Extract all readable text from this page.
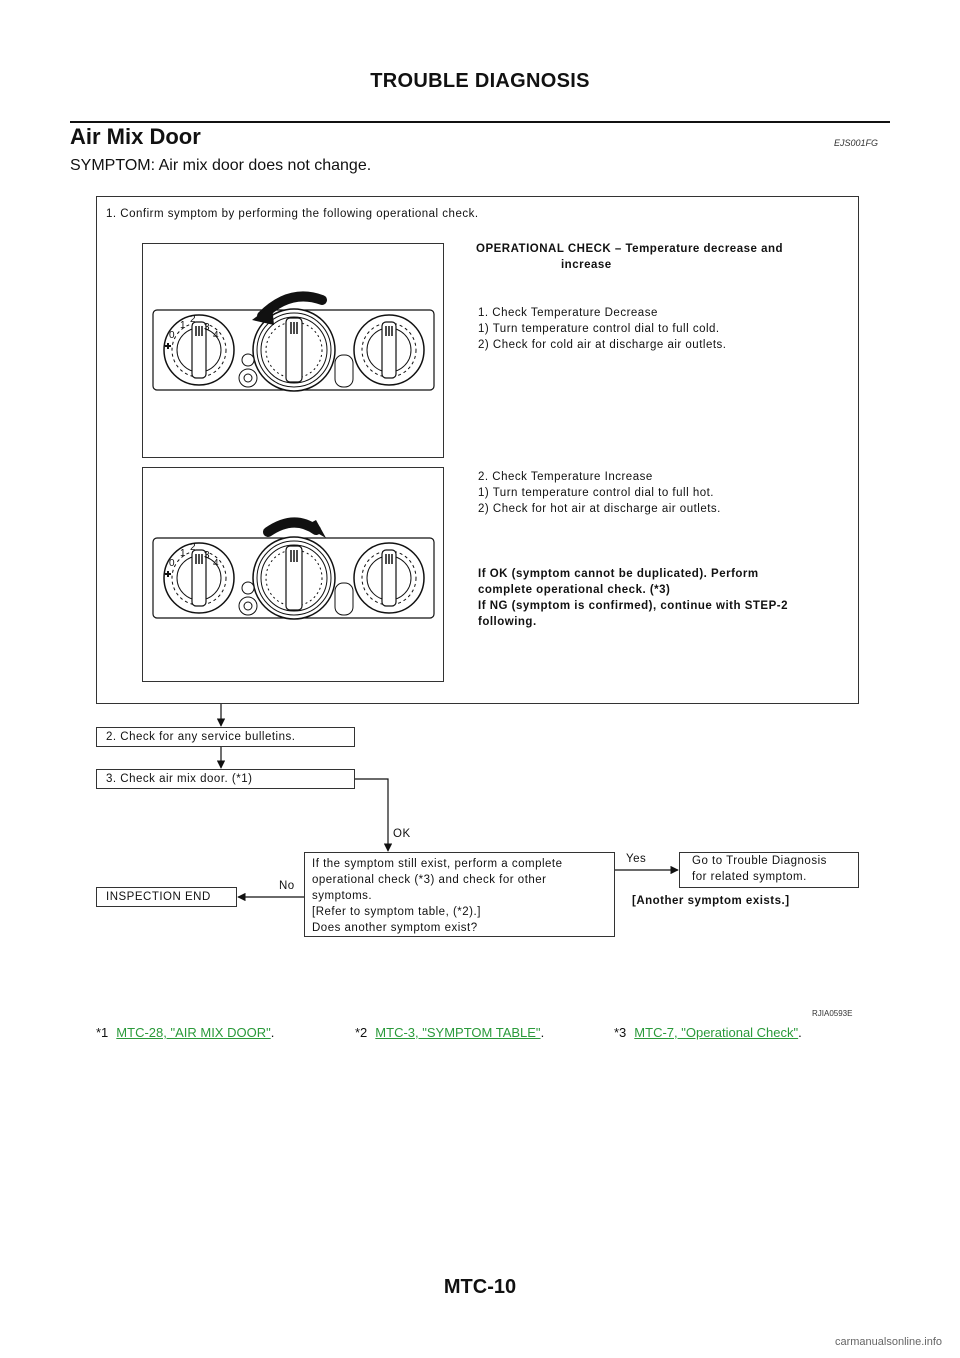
TROUBLE DIAGNOSIS
Air Mix Door	EJS001FG
SYMPTOM: Air mix door does not change.
1. Confirm symptom by performing the following operational check.
OPERATIONAL CHECK – Temperature decrease and
increase
1. Check Temperature Decrease
1) Turn temperature control dial to full cold.
2) Check for cold air at discharge air outlets.
2. Check Temperature Increase
1) Turn temperature control dial to full hot.
2) Check for hot air at discharge air outlets.
If OK (symptom cannot be duplicated). Perform
complete operational check. (*3)
If NG (symptom is confirmed), continue with STEP-2
following.
2. Check for any service bulletins.
3. Check air mix door. (*1)
OK
If the symptom still exist, perform a complete
operational check (*3) and check for other
symptoms.
[Refer to symptom table, (*2).]
Does another symptom exist?
Yes	Go to Trouble Diagnosis
for related symptom.
[Another symptom exists.]
No
INSPECTION END
0
1
2
3
4
0
1
2
3
4
RJIA0593E
*1 MTC-28, "AIR MIX DOOR".	*2 MTC-3, "SYMPTOM TABLE".	*3 MTC-7, "Operational Check".
MTC-10
carmanualsonline.info
